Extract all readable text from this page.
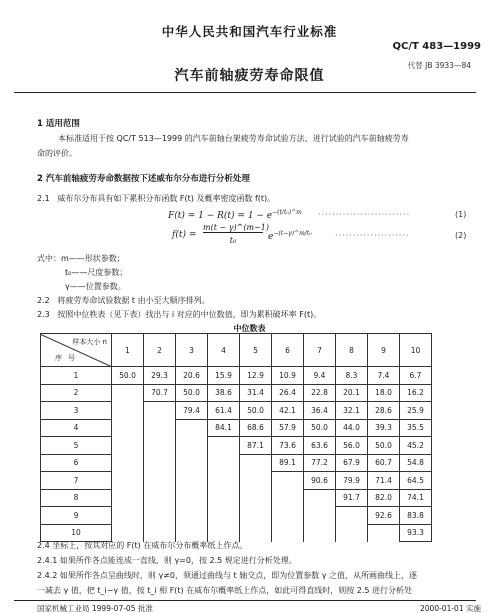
中华人民共和国汽车行业标准
QC/T 483—1999
汽车前轴疲劳寿命限值
代替 JB 3933—84
1 适用范围
本标准适用于按 QC/T 513—1999 的汽车前轴台架疲劳寿命试验方法、进行试验的汽车前轴疲劳寿
命的评价。
2 汽车前轴疲劳寿命数据按下述威布尔分布进行分析处理
2.1 威布尔分布具有如下累积分布函数 F(t) 及概率密度函数 f(t)。
$F(t) = 1 - R(t) = 1 - e^{-(t/t_0)\^{}m}$ ··························	(1)
f(t) =
m(t − γ)^(m−1)
t₀	$e^{-(t-\gamma)\^{}m/t_0}$	·····················	(2)
式中：m——形状参数；
t₀——尺度参数；
γ——位置参数。
2.2 将疲劳寿命试验数据 t 由小至大顺序排列。
2.3 按照中位秩表（见下表）找出与 i 对应的中位数值，即为累积破坏率 F(t)。
中位数表
样本大小 n
序号	1	2	3	4	5	6	7	8	9	10
1	50.0	29.3	20.6	15.9	12.9	10.9	9.4	8.3	7.4	6.7
2		70.7	50.0	38.6	31.4	26.4	22.8	20.1	18.0	16.2
3			79.4	61.4	50.0	42.1	36.4	32.1	28.6	25.9
4				84.1	68.6	57.9	50.0	44.0	39.3	35.5
5					87.1	73.6	63.6	56.0	50.0	45.2
6						89.1	77.2	67.9	60.7	54.8
7							90.6	79.9	71.4	64.5
8								91.7	82.0	74.1
9									92.6	83.8
10										93.3
2.4 坐标上，按其对应的 F(t) 在威布尔分布概率纸上作点。
2.4.1 如果所作各点能连成一直线，则 γ=0，按 2.5 规定进行分析处理。
2.4.2 如果所作各点呈曲线时，则 γ≠0，须通过曲线与 t 轴交点，即为位置参数 γ 之值，从所画曲线上，逐
一减去 γ 值，把 t_i−γ 值，按 t_i 相 F(t) 在威布尔概率纸上作点，如此可得直线时，则按 2.5 进行分析处
国家机械工业局 1999-07-05 批准	2000-01-01 实施
